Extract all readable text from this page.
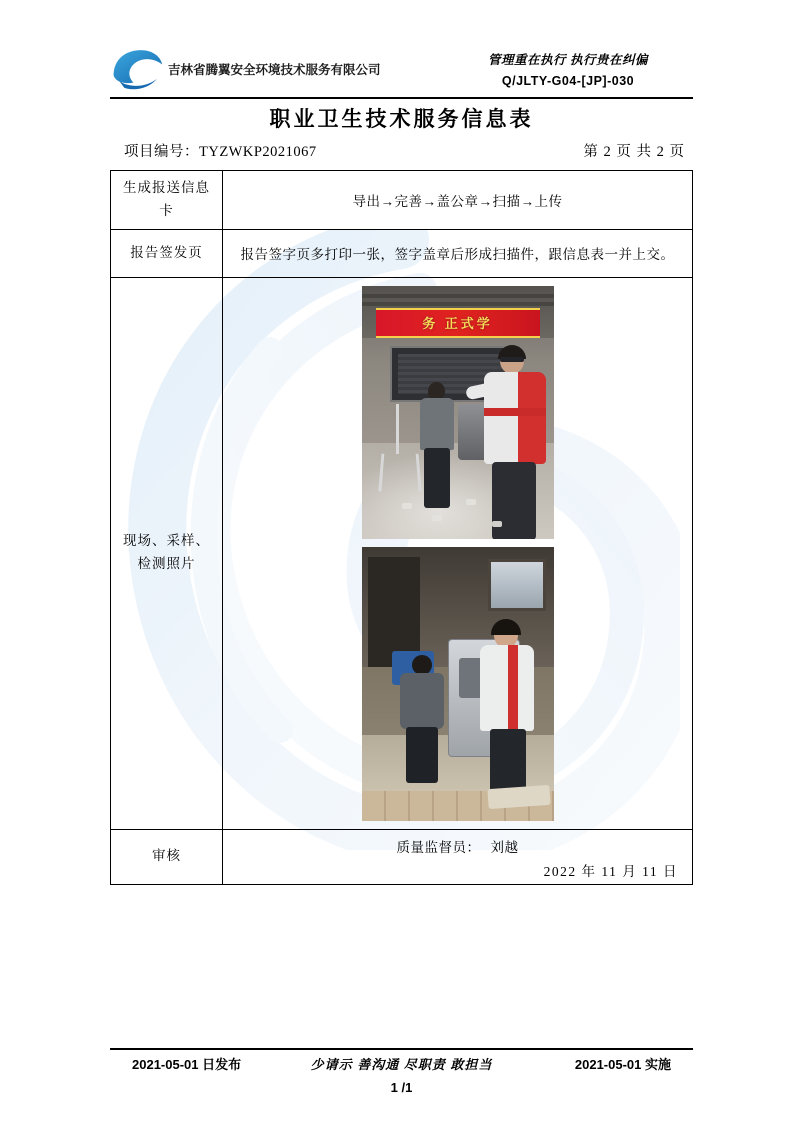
吉林省腾翼安全环境技术服务有限公司
管理重在执行 执行贵在纠偏
Q/JLTY-G04-[JP]-030
职业卫生技术服务信息表
项目编号：TYZWKP2021067	第 2 页 共 2 页
生成报送信息卡	导出→完善→盖公章→扫描→上传
报告签发页	报告签字页多打印一张，签字盖章后形成扫描件，跟信息表一并上交。
现场、采样、检测照片	务 正式学

审核	质量监督员： 刘越
2022 年 11 月 11 日
2021-05-01 日发布	少请示 善沟通 尽职责 敢担当	2021-05-01 实施
1 /1
